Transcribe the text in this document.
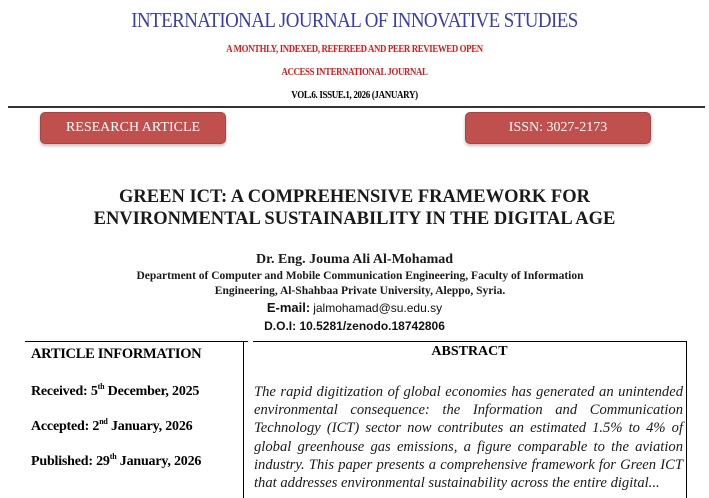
INTERNATIONAL JOURNAL OF INNOVATIVE STUDIES
A MONTHLY, INDEXED, REFEREED AND PEER REVIEWED OPEN
ACCESS INTERNATIONAL JOURNAL
VOL.6. ISSUE.1, 2026 (JANUARY)
RESEARCH ARTICLE	ISSN: 3027-2173
GREEN ICT: A COMPREHENSIVE FRAMEWORK FOR
ENVIRONMENTAL SUSTAINABILITY IN THE DIGITAL AGE
Dr. Eng. Jouma Ali Al-Mohamad
Department of Computer and Mobile Communication Engineering, Faculty of Information
Engineering, Al-Shahbaa Private University, Aleppo, Syria.
E-mail: jalmohamad@su.edu.sy
D.O.I: 10.5281/zenodo.18742806
ARTICLE INFORMATION	ABSTRACT
Received: 5th December, 2025
Accepted: 2nd January, 2026
Published: 29th January, 2026
The rapid digitization of global economies has generated an unintended environmental consequence: the Information and Communication Technology (ICT) sector now contributes an estimated 1.5% to 4% of global greenhouse gas emissions, a figure comparable to the aviation industry. This paper presents a comprehensive framework for Green ICT that addresses environmental sustainability across the entire digital...
